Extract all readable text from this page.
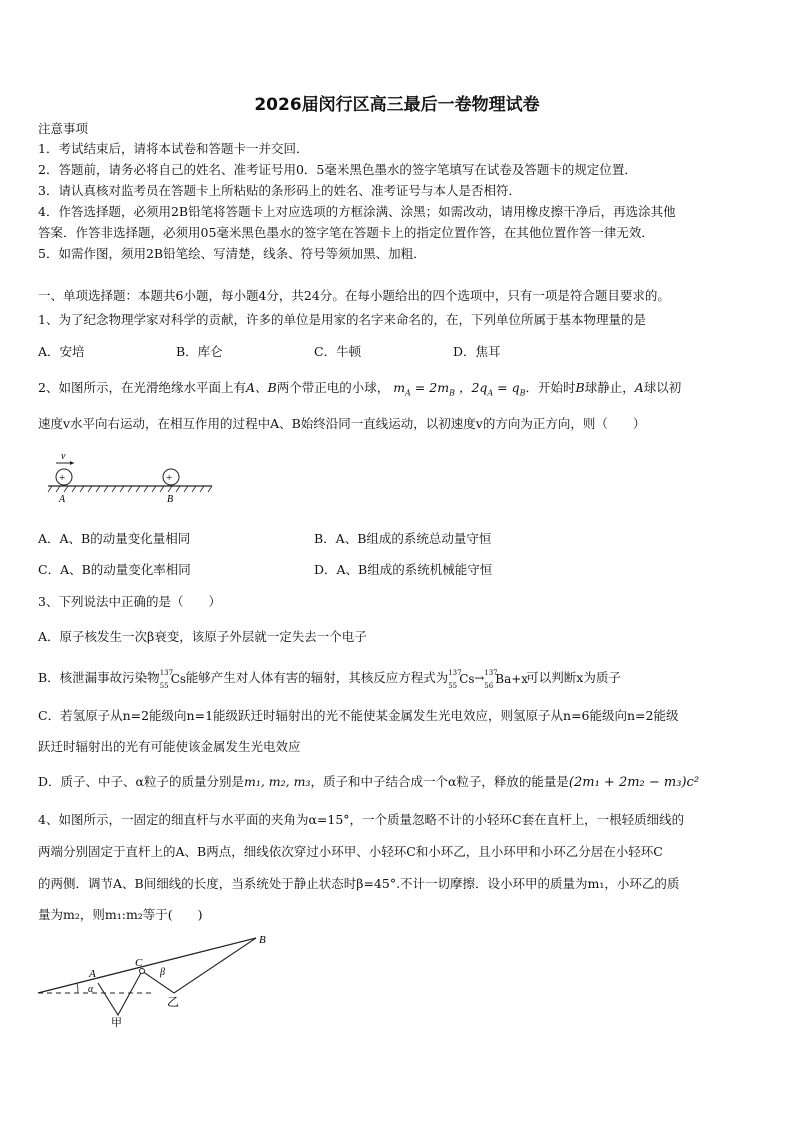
2026届闵行区高三最后一卷物理试卷
注意事项
1．考试结束后，请将本试卷和答题卡一并交回．
2．答题前，请务必将自己的姓名、准考证号用0．5毫米黑色墨水的签字笔填写在试卷及答题卡的规定位置．
3．请认真核对监考员在答题卡上所粘贴的条形码上的姓名、准考证号与本人是否相符．
4．作答选择题，必须用2B铅笔将答题卡上对应选项的方框涂满、涂黑；如需改动，请用橡皮擦干净后，再选涂其他
答案．作答非选择题，必须用05毫米黑色墨水的签字笔在答题卡上的指定位置作答，在其他位置作答一律无效．
5．如需作图，须用2B铅笔绘、写清楚，线条、符号等须加黑、加粗．
一、单项选择题：本题共6小题，每小题4分，共24分。在每小题给出的四个选项中，只有一项是符合题目要求的。
1、为了纪念物理学家对科学的贡献，许多的单位是用家的名字来命名的，在，下列单位所属于基本物理量的是
A．安培	B．库仑	C．牛顿	D．焦耳
2、如图所示，在光滑绝缘水平面上有A、B两个带正电的小球， $m_A = 2m_B$ ，$2q_A = q_B$．开始时B球静止，A球以初
速度v水平向右运动，在相互作用的过程中A、B始终沿同一直线运动，以初速度v的方向为正方向，则（　　）
+	+
v
A	B
A．A、B的动量变化量相同	B．A、B组成的系统总动量守恒
C．A、B的动量变化率相同	D．A、B组成的系统机械能守恒
3、下列说法中正确的是（　　）
A．原子核发生一次β衰变，该原子外层就一定失去一个电子
B．核泄漏事故污染物 137
55 Cs 能够产生对人体有害的辐射，其核反应方程式为 137
55 Cs → 137
56 Ba+x
可以判断x为质子
C．若氢原子从n=2能级向n=1能级跃迁时辐射出的光不能使某金属发生光电效应，则氢原子从n=6能级向n=2能级
跃迁时辐射出的光有可能使该金属发生光电效应
D．质子、中子、α粒子的质量分别是m₁, m₂, m₃，质子和中子结合成一个α粒子，释放的能量是(2m₁ + 2m₂ − m₃)c²
4、如图所示，一固定的细直杆与水平面的夹角为α=15°，一个质量忽略不计的小轻环C套在直杆上，一根轻质细线的
两端分别固定于直杆上的A、B两点，细线依次穿过小环甲、小轻环C和小环乙，且小环甲和小环乙分居在小轻环C
的两侧．调节A、B间细线的长度，当系统处于静止状态时β=45°.不计一切摩擦．设小环甲的质量为m₁，小环乙的质
量为m₂，则m₁:m₂等于(　　)
A
C
B
α
β
甲
乙
